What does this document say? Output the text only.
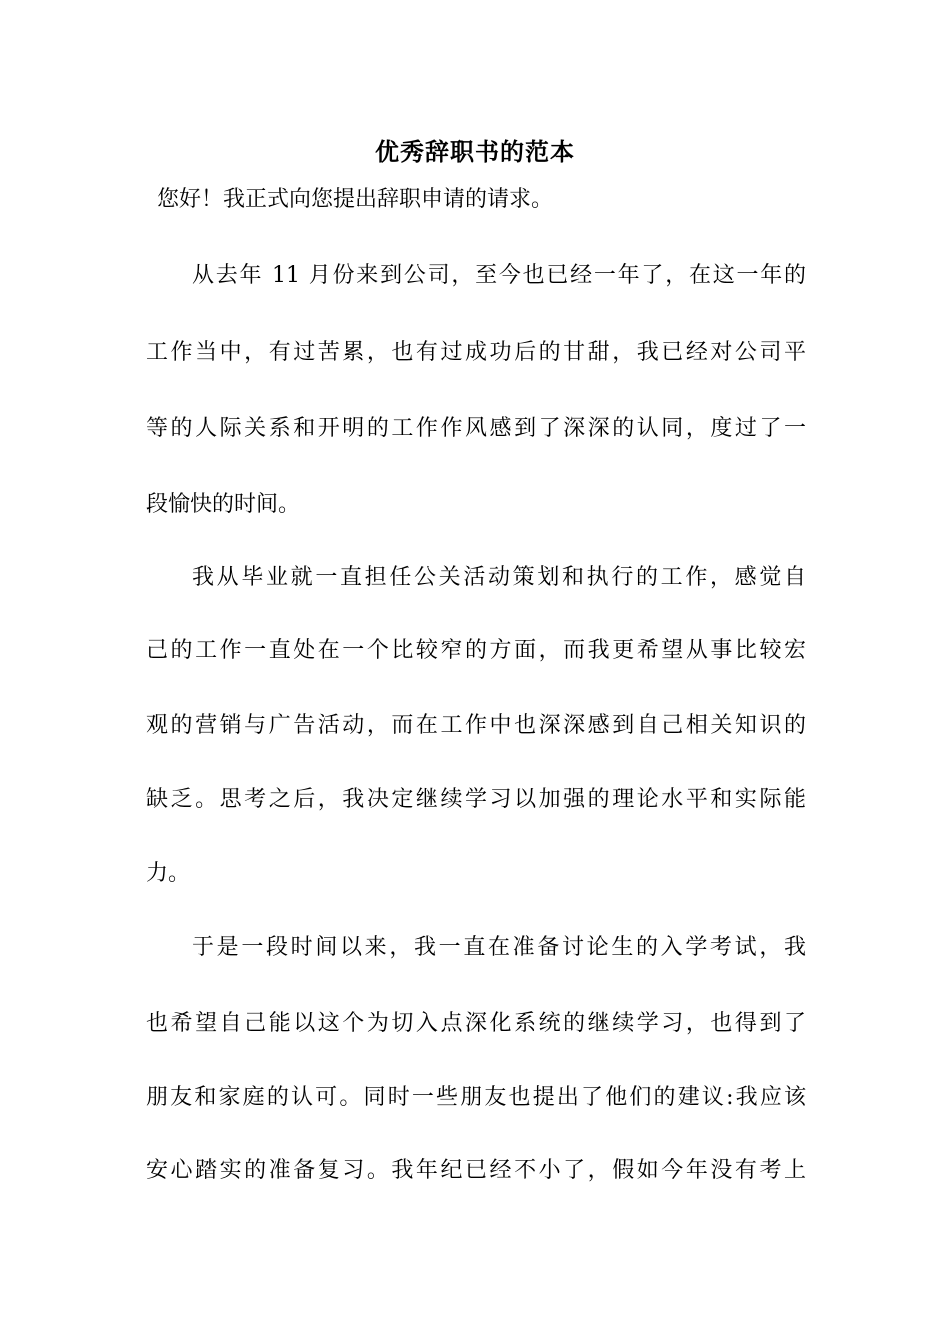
优秀辞职书的范本
您好！我正式向您提出辞职申请的请求。
从去年 11 月份来到公司，至今也已经一年了，在这一年的
工作当中，有过苦累，也有过成功后的甘甜，我已经对公司平
等的人际关系和开明的工作作风感到了深深的认同，度过了一
段愉快的时间。
我从毕业就一直担任公关活动策划和执行的工作，感觉自
己的工作一直处在一个比较窄的方面，而我更希望从事比较宏
观的营销与广告活动，而在工作中也深深感到自己相关知识的
缺乏。思考之后，我决定继续学习以加强的理论水平和实际能
力。
于是一段时间以来，我一直在准备讨论生的入学考试，我
也希望自己能以这个为切入点深化系统的继续学习，也得到了
朋友和家庭的认可。同时一些朋友也提出了他们的建议:我应该
安心踏实的准备复习。我年纪已经不小了，假如今年没有考上
